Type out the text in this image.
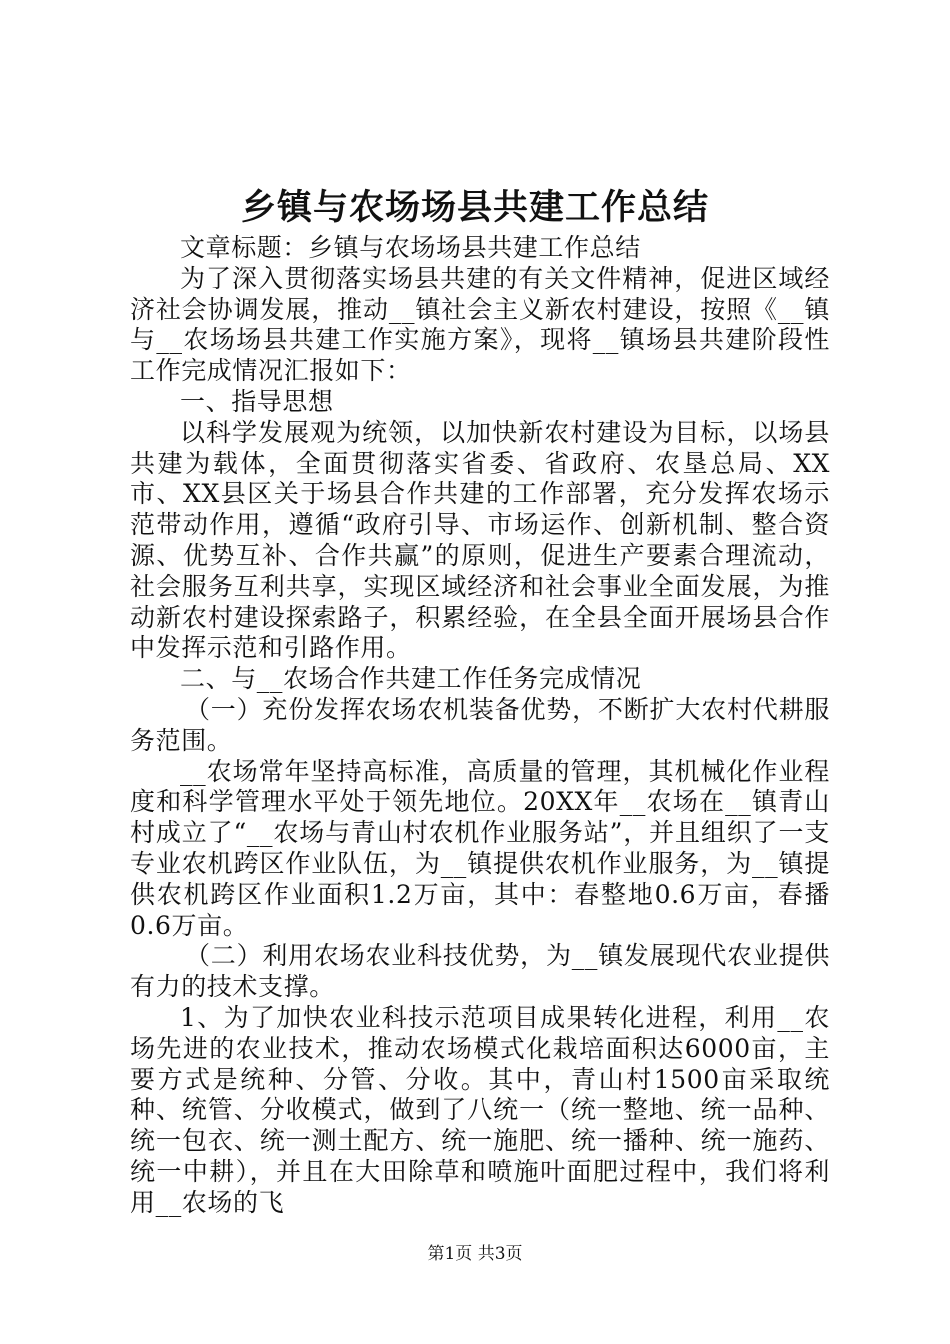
乡镇与农场场县共建工作总结

文章标题：乡镇与农场场县共建工作总结

为了深入贯彻落实场县共建的有关文件精神，促进区域经济社会协调发展，推动__镇社会主义新农村建设，按照《__镇与__农场场县共建工作实施方案》，现将__镇场县共建阶段性工作完成情况汇报如下：

一、指导思想

以科学发展观为统领，以加快新农村建设为目标，以场县共建为载体，全面贯彻落实省委、省政府、农垦总局、XX市、XX县区关于场县合作共建的工作部署，充分发挥农场示范带动作用，遵循“政府引导、市场运作、创新机制、整合资源、优势互补、合作共赢”的原则，促进生产要素合理流动，社会服务互利共享，实现区域经济和社会事业全面发展，为推动新农村建设探索路子，积累经验，在全县全面开展场县合作中发挥示范和引路作用。

二、与__农场合作共建工作任务完成情况

（一）充份发挥农场农机装备优势，不断扩大农村代耕服务范围。

__农场常年坚持高标准，高质量的管理，其机械化作业程度和科学管理水平处于领先地位。20XX年__农场在__镇青山村成立了“__农场与青山村农机作业服务站”，并且组织了一支专业农机跨区作业队伍，为__镇提供农机作业服务，为__镇提供农机跨区作业面积1.2万亩，其中：春整地0.6万亩，春播0.6万亩。

（二）利用农场农业科技优势，为__镇发展现代农业提供有力的技术支撑。

1、为了加快农业科技示范项目成果转化进程，利用__农场先进的农业技术，推动农场模式化栽培面积达6000亩，主要方式是统种、分管、分收。其中，青山村1500亩采取统种、统管、分收模式，做到了八统一（统一整地、统一品种、统一包衣、统一测土配方、统一施肥、统一播种、统一施药、统一中耕），并且在大田除草和喷施叶面肥过程中，我们将利用__农场的飞

第1页 共3页
